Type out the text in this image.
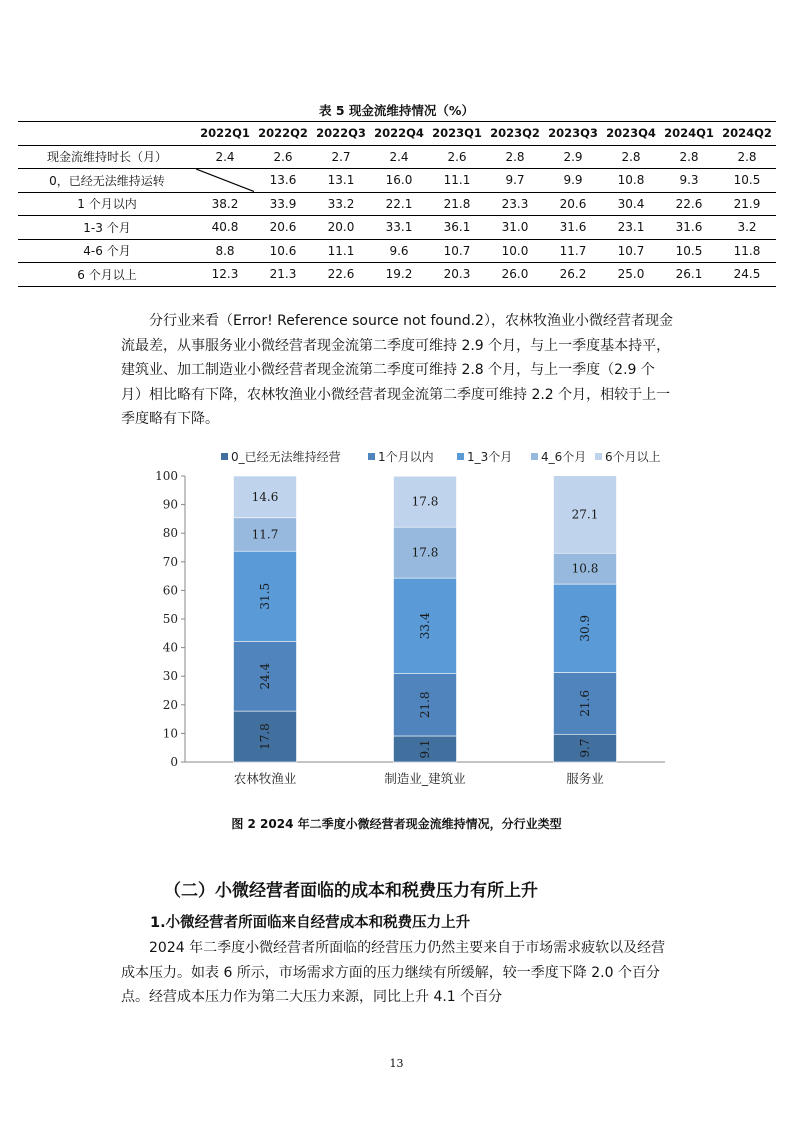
表 5 现金流维持情况（%）
	2022Q1	2022Q2	2022Q3	2022Q4	2023Q1	2023Q2	2023Q3	2023Q4	2024Q1	2024Q2
现金流维持时长（月）	2.4	2.6	2.7	2.4	2.6	2.8	2.9	2.8	2.8	2.8
0，已经无法维持运转		13.6	13.1	16.0	11.1	9.7	9.9	10.8	9.3	10.5
1 个月以内	38.2	33.9	33.2	22.1	21.8	23.3	20.6	30.4	22.6	21.9
1-3 个月	40.8	20.6	20.0	33.1	36.1	31.0	31.6	23.1	31.6	3.2
4-6 个月	8.8	10.6	11.1	9.6	10.7	10.0	11.7	10.7	10.5	11.8
6 个月以上	12.3	21.3	22.6	19.2	20.3	26.0	26.2	25.0	26.1	24.5
分行业来看（Error! Reference source not found.2），农林牧渔业小微经营者现金流最差，从事服务业小微经营者现金流第二季度可维持 2.9 个月，与上一季度基本持平，建筑业、加工制造业小微经营者现金流第二季度可维持 2.8 个月，与上一季度（2.9 个月）相比略有下降，农林牧渔业小微经营者现金流第二季度可维持 2.2 个月，相较于上一季度略有下降。
0
10
20
30
40
50
60
70
80
90
100
17.8
24.4
31.5
11.7
14.6
农林牧渔业
9.1
21.8
33.4
17.8
17.8
制造业_建筑业
9.7
21.6
30.9
10.8
27.1
服务业
0_已经无法维持经营	1个月以内	1_3个月 4_6个月 6个月以上
图 2 2024 年二季度小微经营者现金流维持情况，分行业类型
（二）小微经营者面临的成本和税费压力有所上升
1.小微经营者所面临来自经营成本和税费压力上升
2024 年二季度小微经营者所面临的经营压力仍然主要来自于市场需求疲软以及经营成本压力。如表 6 所示，市场需求方面的压力继续有所缓解，较一季度下降 2.0 个百分点。经营成本压力作为第二大压力来源，同比上升 4.1 个百分
13
